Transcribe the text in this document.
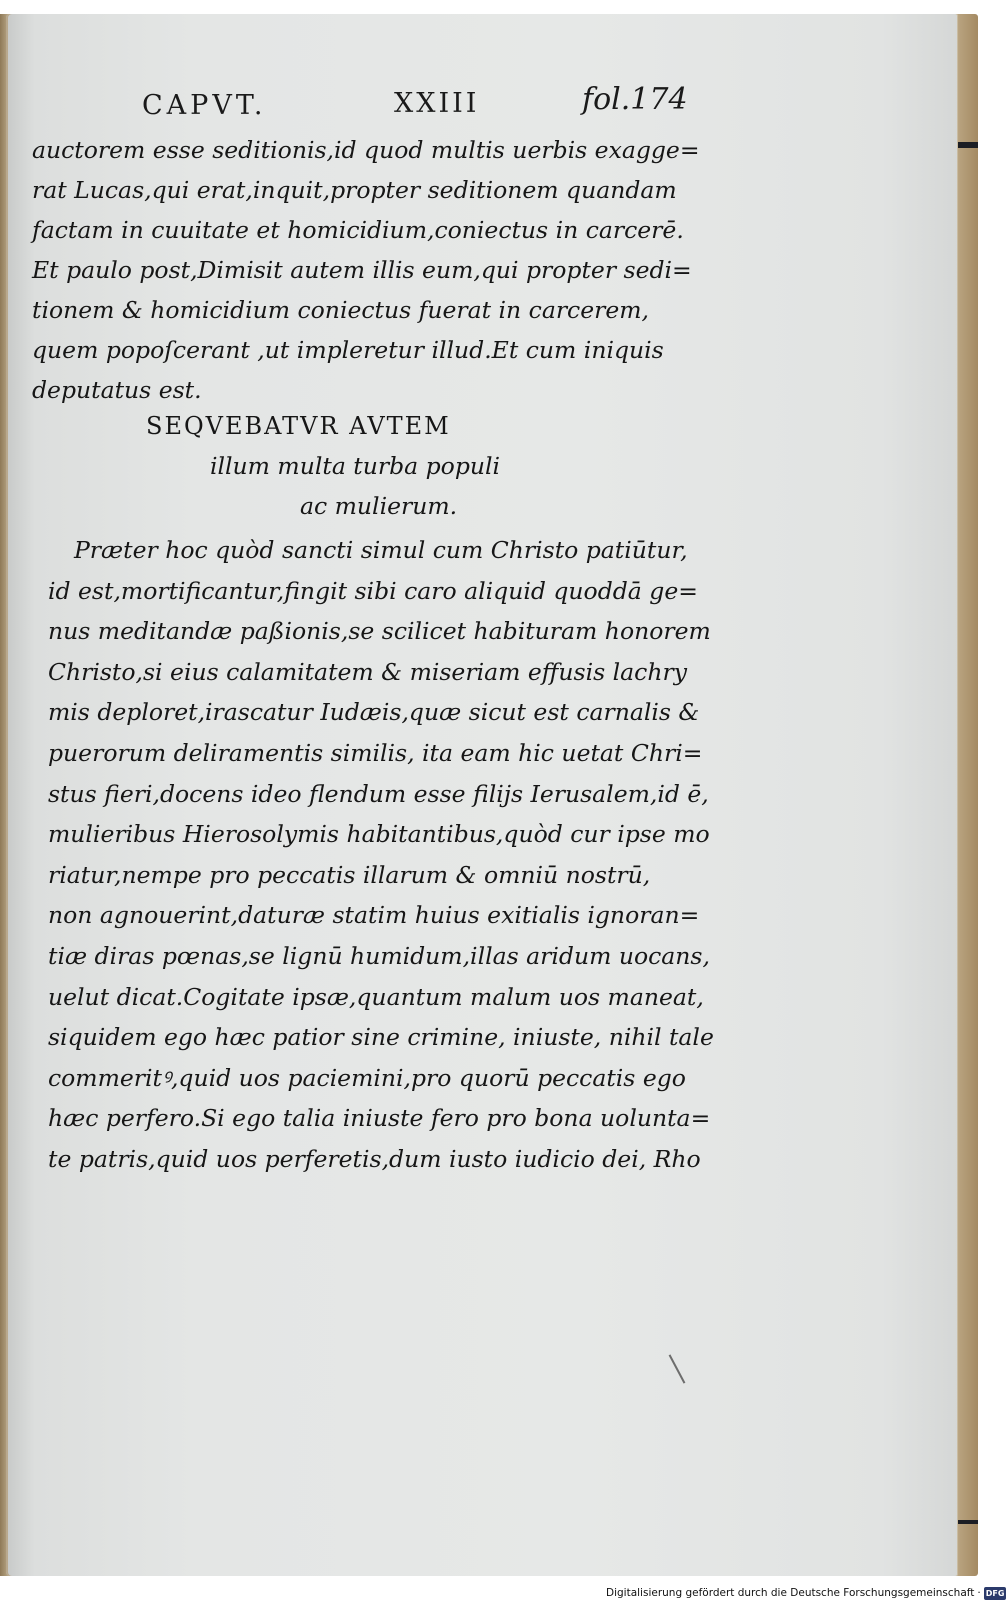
CAPVT.	XXIII	fol.174
auctorem esse seditionis,id quod multis uerbis exagge=
rat Lucas,qui erat,inquit,propter seditionem quandam
factam in cuuitate et homicidium,coniectus in carcerē.
Et paulo post,Dimisit autem illis eum,qui propter sedi=
tionem & homicidium coniectus fuerat in carcerem,
quem popoſcerant ,ut impleretur illud.Et cum iniquis
deputatus est.
SEQVEBATVR AVTEM
illum multa turba populi
ac mulierum.
Præter hoc quòd sancti simul cum Christo patiūtur,
id est,mortificantur,fingit sibi caro aliquid quoddā ge=
nus meditandæ paßionis,se scilicet habituram honorem
Christo,si eius calamitatem & miseriam effusis lachry
mis deploret,irascatur Iudæis,quæ sicut est carnalis &
puerorum deliramentis similis, ita eam hic uetat Chri=
stus fieri,docens ideo flendum esse filijs Ierusalem,id ē,
mulieribus Hierosolymis habitantibus,quòd cur ipse mo
riatur,nempe pro peccatis illarum & omniū nostrū,
non agnouerint,daturæ statim huius exitialis ignoran=
tiæ diras pœnas,se lignū humidum,illas aridum uocans,
uelut dicat.Cogitate ipsæ,quantum malum uos maneat,
siquidem ego hæc patior sine crimine, iniuste, nihil tale
commeritꝰ,quid uos paciemini,pro quorū peccatis ego
hæc perfero.Si ego talia iniuste fero pro bona uolunta=
te patris,quid uos perferetis,dum iusto iudicio dei, Rho
Digitalisierung gefördert durch die Deutsche Forschungsgemeinschaft · DFG
